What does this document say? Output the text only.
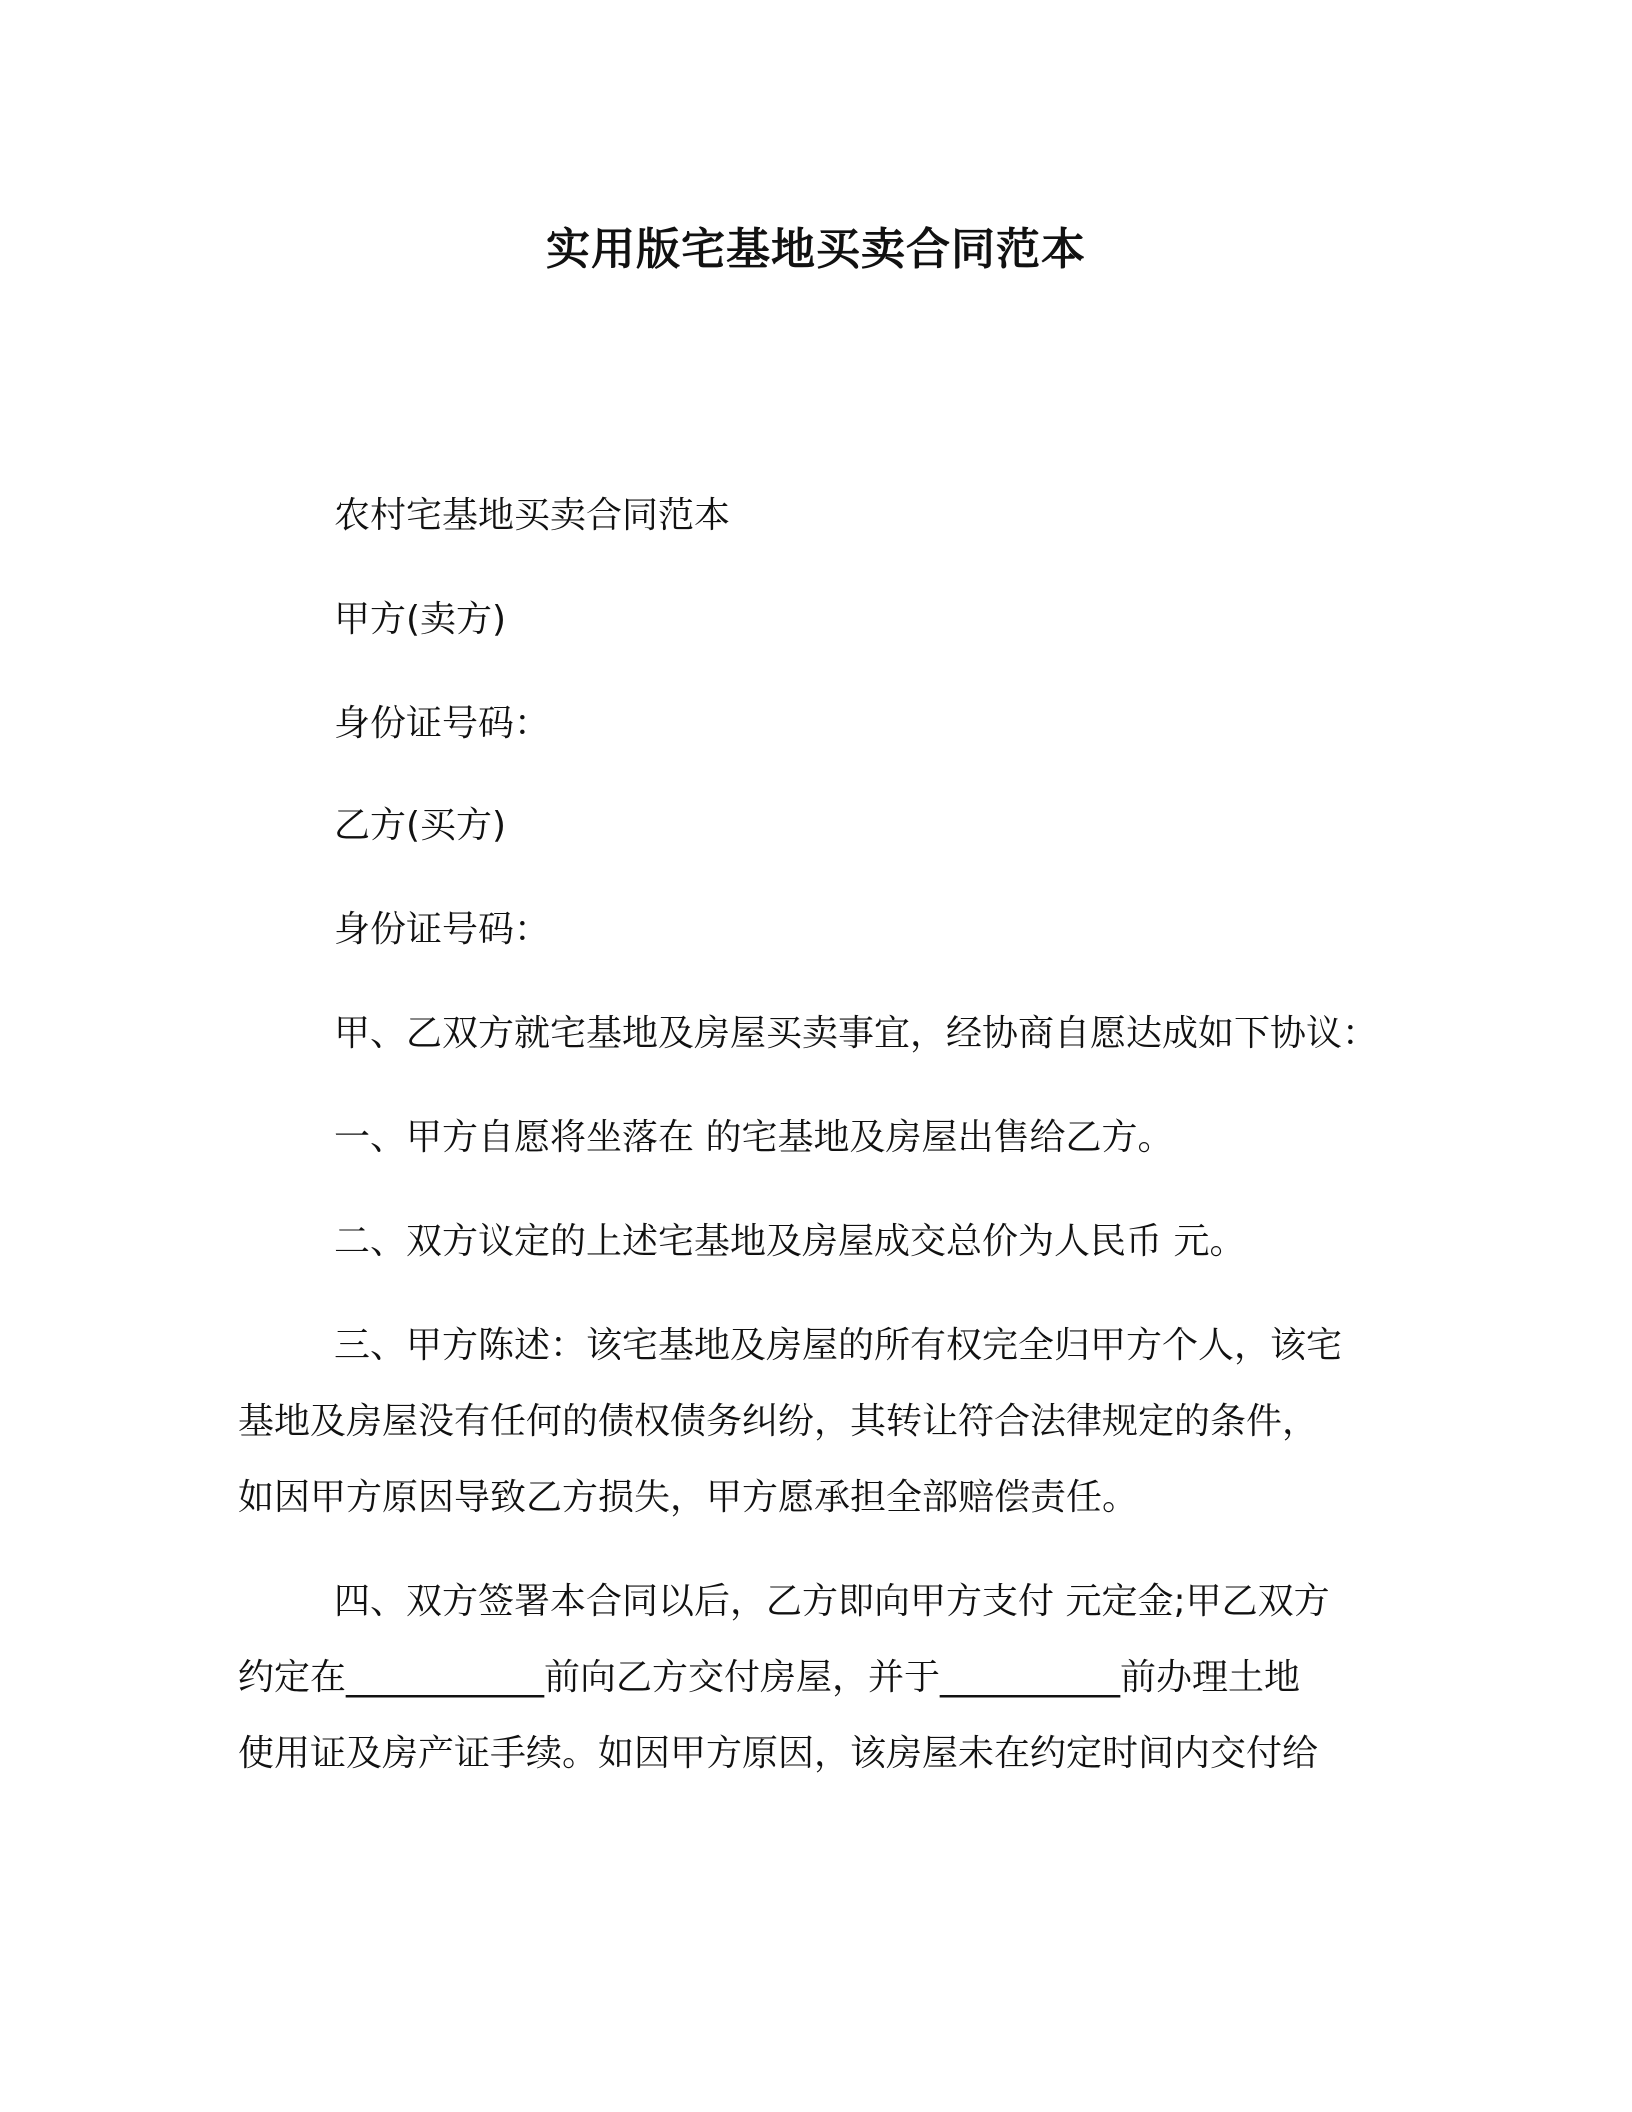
实用版宅基地买卖合同范本
农村宅基地买卖合同范本
甲方(卖方)
身份证号码：
乙方(买方)
身份证号码：
甲、乙双方就宅基地及房屋买卖事宜，经协商自愿达成如下协议：
一、甲方自愿将坐落在 的宅基地及房屋出售给乙方。
二、双方议定的上述宅基地及房屋成交总价为人民币 元。
三、甲方陈述：该宅基地及房屋的所有权完全归甲方个人，该宅
基地及房屋没有任何的债权债务纠纷，其转让符合法律规定的条件，
如因甲方原因导致乙方损失，甲方愿承担全部赔偿责任。
四、双方签署本合同以后，乙方即向甲方支付 元定金;甲乙双方
约定在___________前向乙方交付房屋，并于__________前办理土地
使用证及房产证手续。如因甲方原因，该房屋未在约定时间内交付给
